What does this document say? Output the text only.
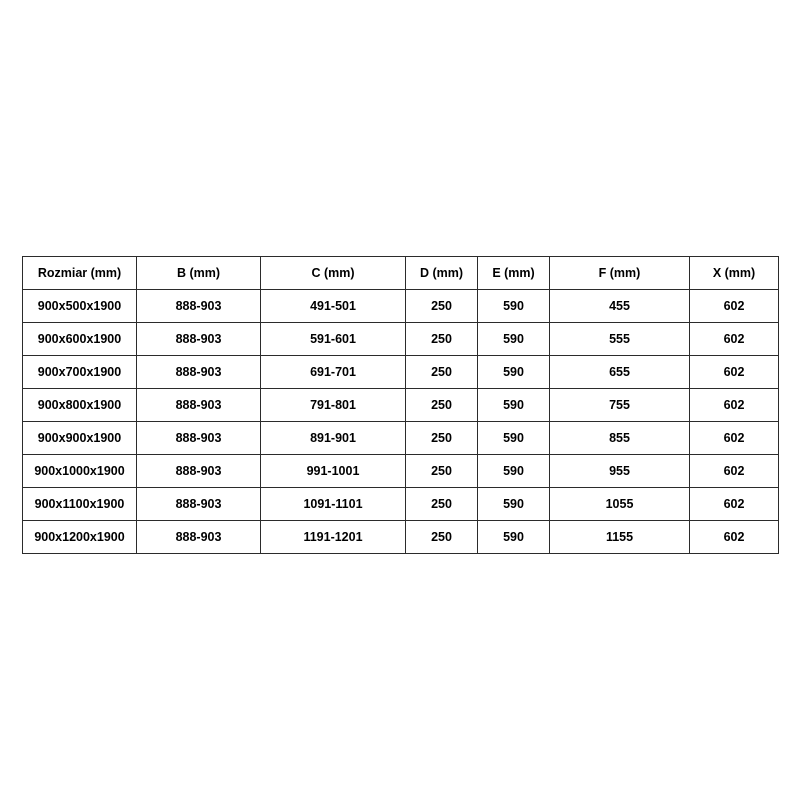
Rozmiar (mm)	B (mm)	C (mm)	D (mm)	E (mm)	F (mm)	X (mm)
900x500x1900	888-903	491-501	250	590	455	602
900x600x1900	888-903	591-601	250	590	555	602
900x700x1900	888-903	691-701	250	590	655	602
900x800x1900	888-903	791-801	250	590	755	602
900x900x1900	888-903	891-901	250	590	855	602
900x1000x1900	888-903	991-1001	250	590	955	602
900x1100x1900	888-903	1091-1101	250	590	1055	602
900x1200x1900	888-903	1191-1201	250	590	1155	602
